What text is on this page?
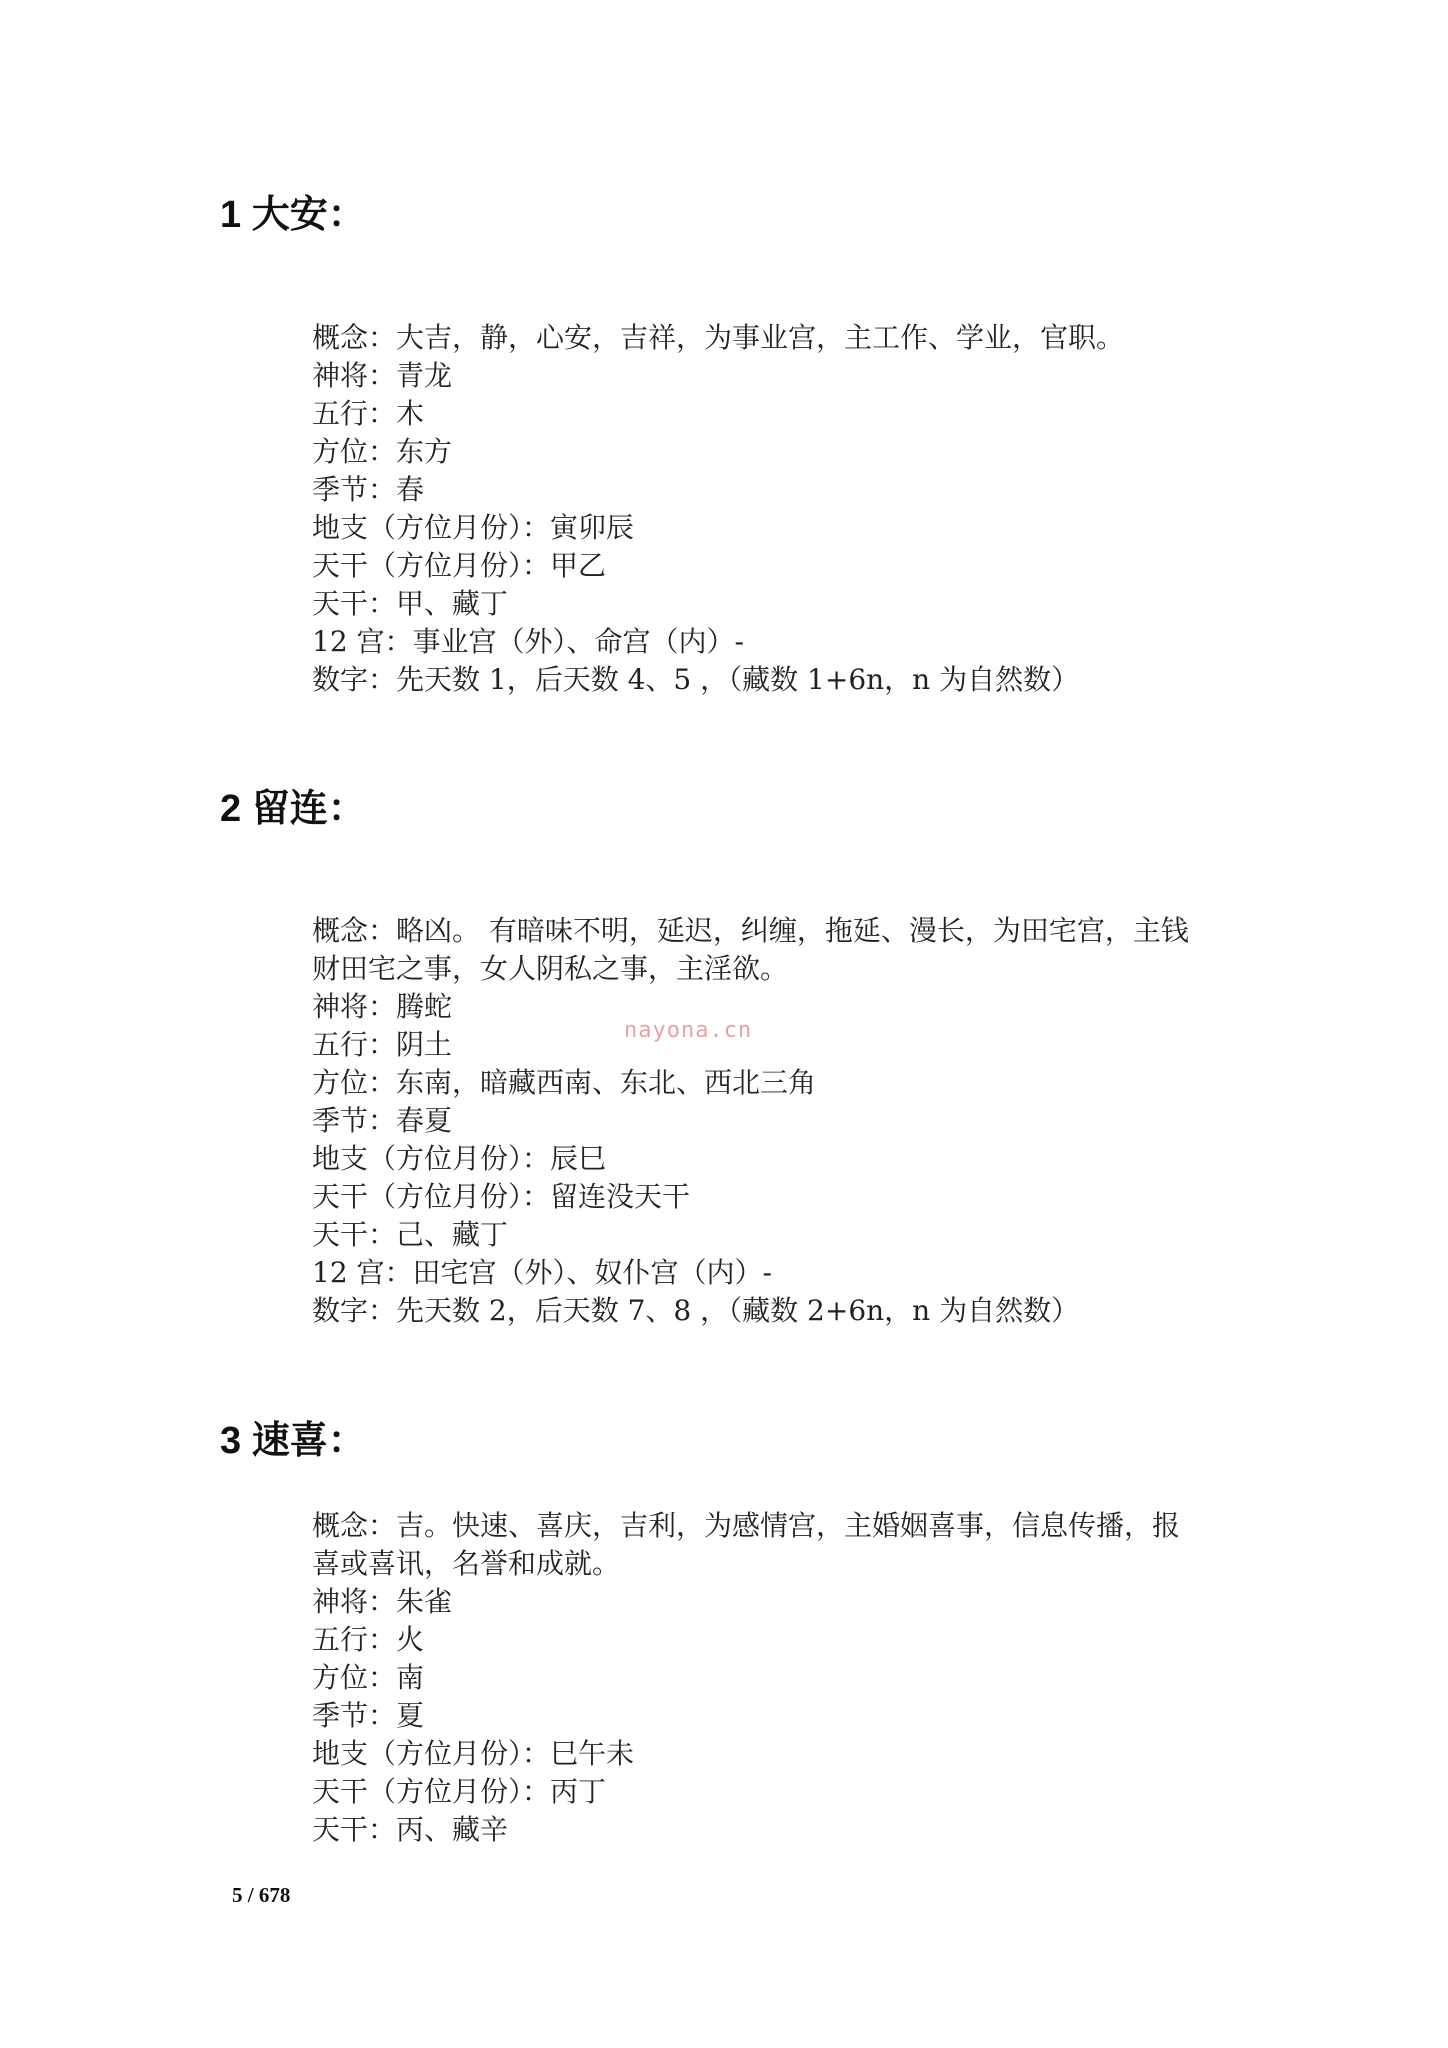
1 大安：
概念：大吉，静，心安，吉祥，为事业宫，主工作、学业，官职。
神将：青龙
五行：木
方位：东方
季节：春
地支（方位月份）：寅卯辰
天干（方位月份）：甲乙
天干：甲、藏丁
12 宫：事业宫（外）、命宫（内）-
数字：先天数 1，后天数 4、5 ，（藏数 1+6n，n 为自然数）
2 留连：
概念：略凶。 有暗味不明，延迟，纠缠，拖延、漫长，为田宅宫，主钱
财田宅之事，女人阴私之事，主淫欲。
神将：腾蛇
五行：阴土
方位：东南，暗藏西南、东北、西北三角
季节：春夏
地支（方位月份）：辰巳
天干（方位月份）：留连没天干
天干：己、藏丁
12 宫：田宅宫（外）、奴仆宫（内）-
数字：先天数 2，后天数 7、8 ，（藏数 2+6n，n 为自然数）
3 速喜：
概念：吉。快速、喜庆，吉利，为感情宫，主婚姻喜事，信息传播，报
喜或喜讯，名誉和成就。
神将：朱雀
五行：火
方位：南
季节：夏
地支（方位月份）：巳午未
天干（方位月份）：丙丁
天干：丙、藏辛
nayona.cn
5 / 678
